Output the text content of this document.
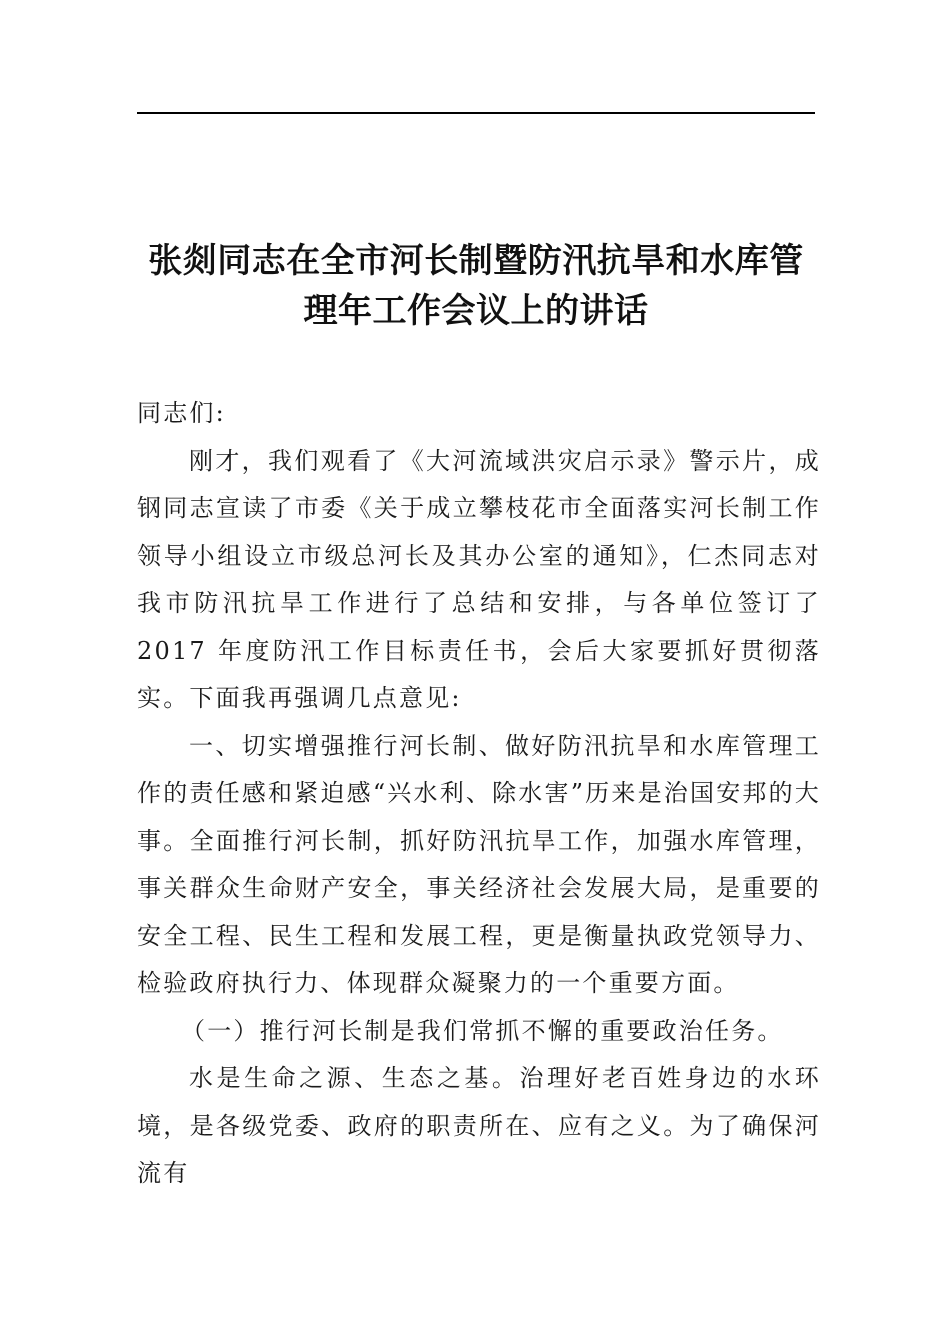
张剡同志在全市河长制暨防汛抗旱和水库管
理年工作会议上的讲话

同志们:

刚才，我们观看了《大河流域洪灾启示录》警示片，成钢同志宣读了市委《关于成立攀枝花市全面落实河长制工作领导小组设立市级总河长及其办公室的通知》，仁杰同志对我市防汛抗旱工作进行了总结和安排，与各单位签订了 2017 年度防汛工作目标责任书，会后大家要抓好贯彻落实。下面我再强调几点意见:

一、切实增强推行河长制、做好防汛抗旱和水库管理工作的责任感和紧迫感“兴水利、除水害”历来是治国安邦的大事。全面推行河长制，抓好防汛抗旱工作，加强水库管理，事关群众生命财产安全，事关经济社会发展大局，是重要的安全工程、民生工程和发展工程，更是衡量执政党领导力、检验政府执行力、体现群众凝聚力的一个重要方面。

（一）推行河长制是我们常抓不懈的重要政治任务。

水是生命之源、生态之基。治理好老百姓身边的水环境，是各级党委、政府的职责所在、应有之义。为了确保河流有
